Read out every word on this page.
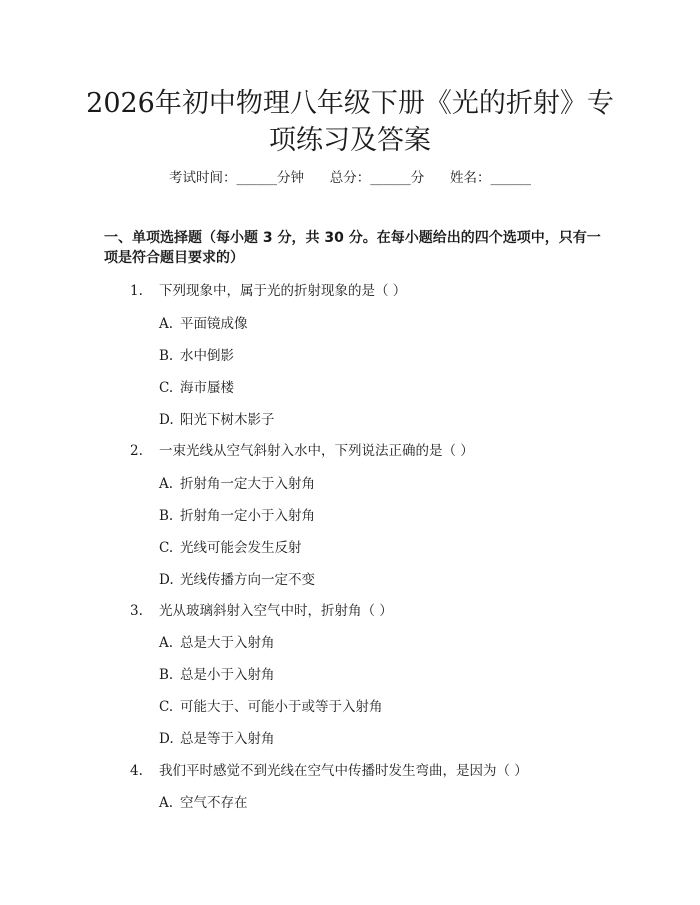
2026年初中物理八年级下册《光的折射》专
项练习及答案
考试时间：______分钟      总分：______分      姓名：______
一、单项选择题（每小题 3 分，共 30 分。在每小题给出的四个选项中，只有一项是符合题目要求的）
1. 下列现象中，属于光的折射现象的是（ ）
A. 平面镜成像
B. 水中倒影
C. 海市蜃楼
D. 阳光下树木影子
2. 一束光线从空气斜射入水中，下列说法正确的是（ ）
A. 折射角一定大于入射角
B. 折射角一定小于入射角
C. 光线可能会发生反射
D. 光线传播方向一定不变
3. 光从玻璃斜射入空气中时，折射角（ ）
A. 总是大于入射角
B. 总是小于入射角
C. 可能大于、可能小于或等于入射角
D. 总是等于入射角
4. 我们平时感觉不到光线在空气中传播时发生弯曲，是因为（ ）
A. 空气不存在
